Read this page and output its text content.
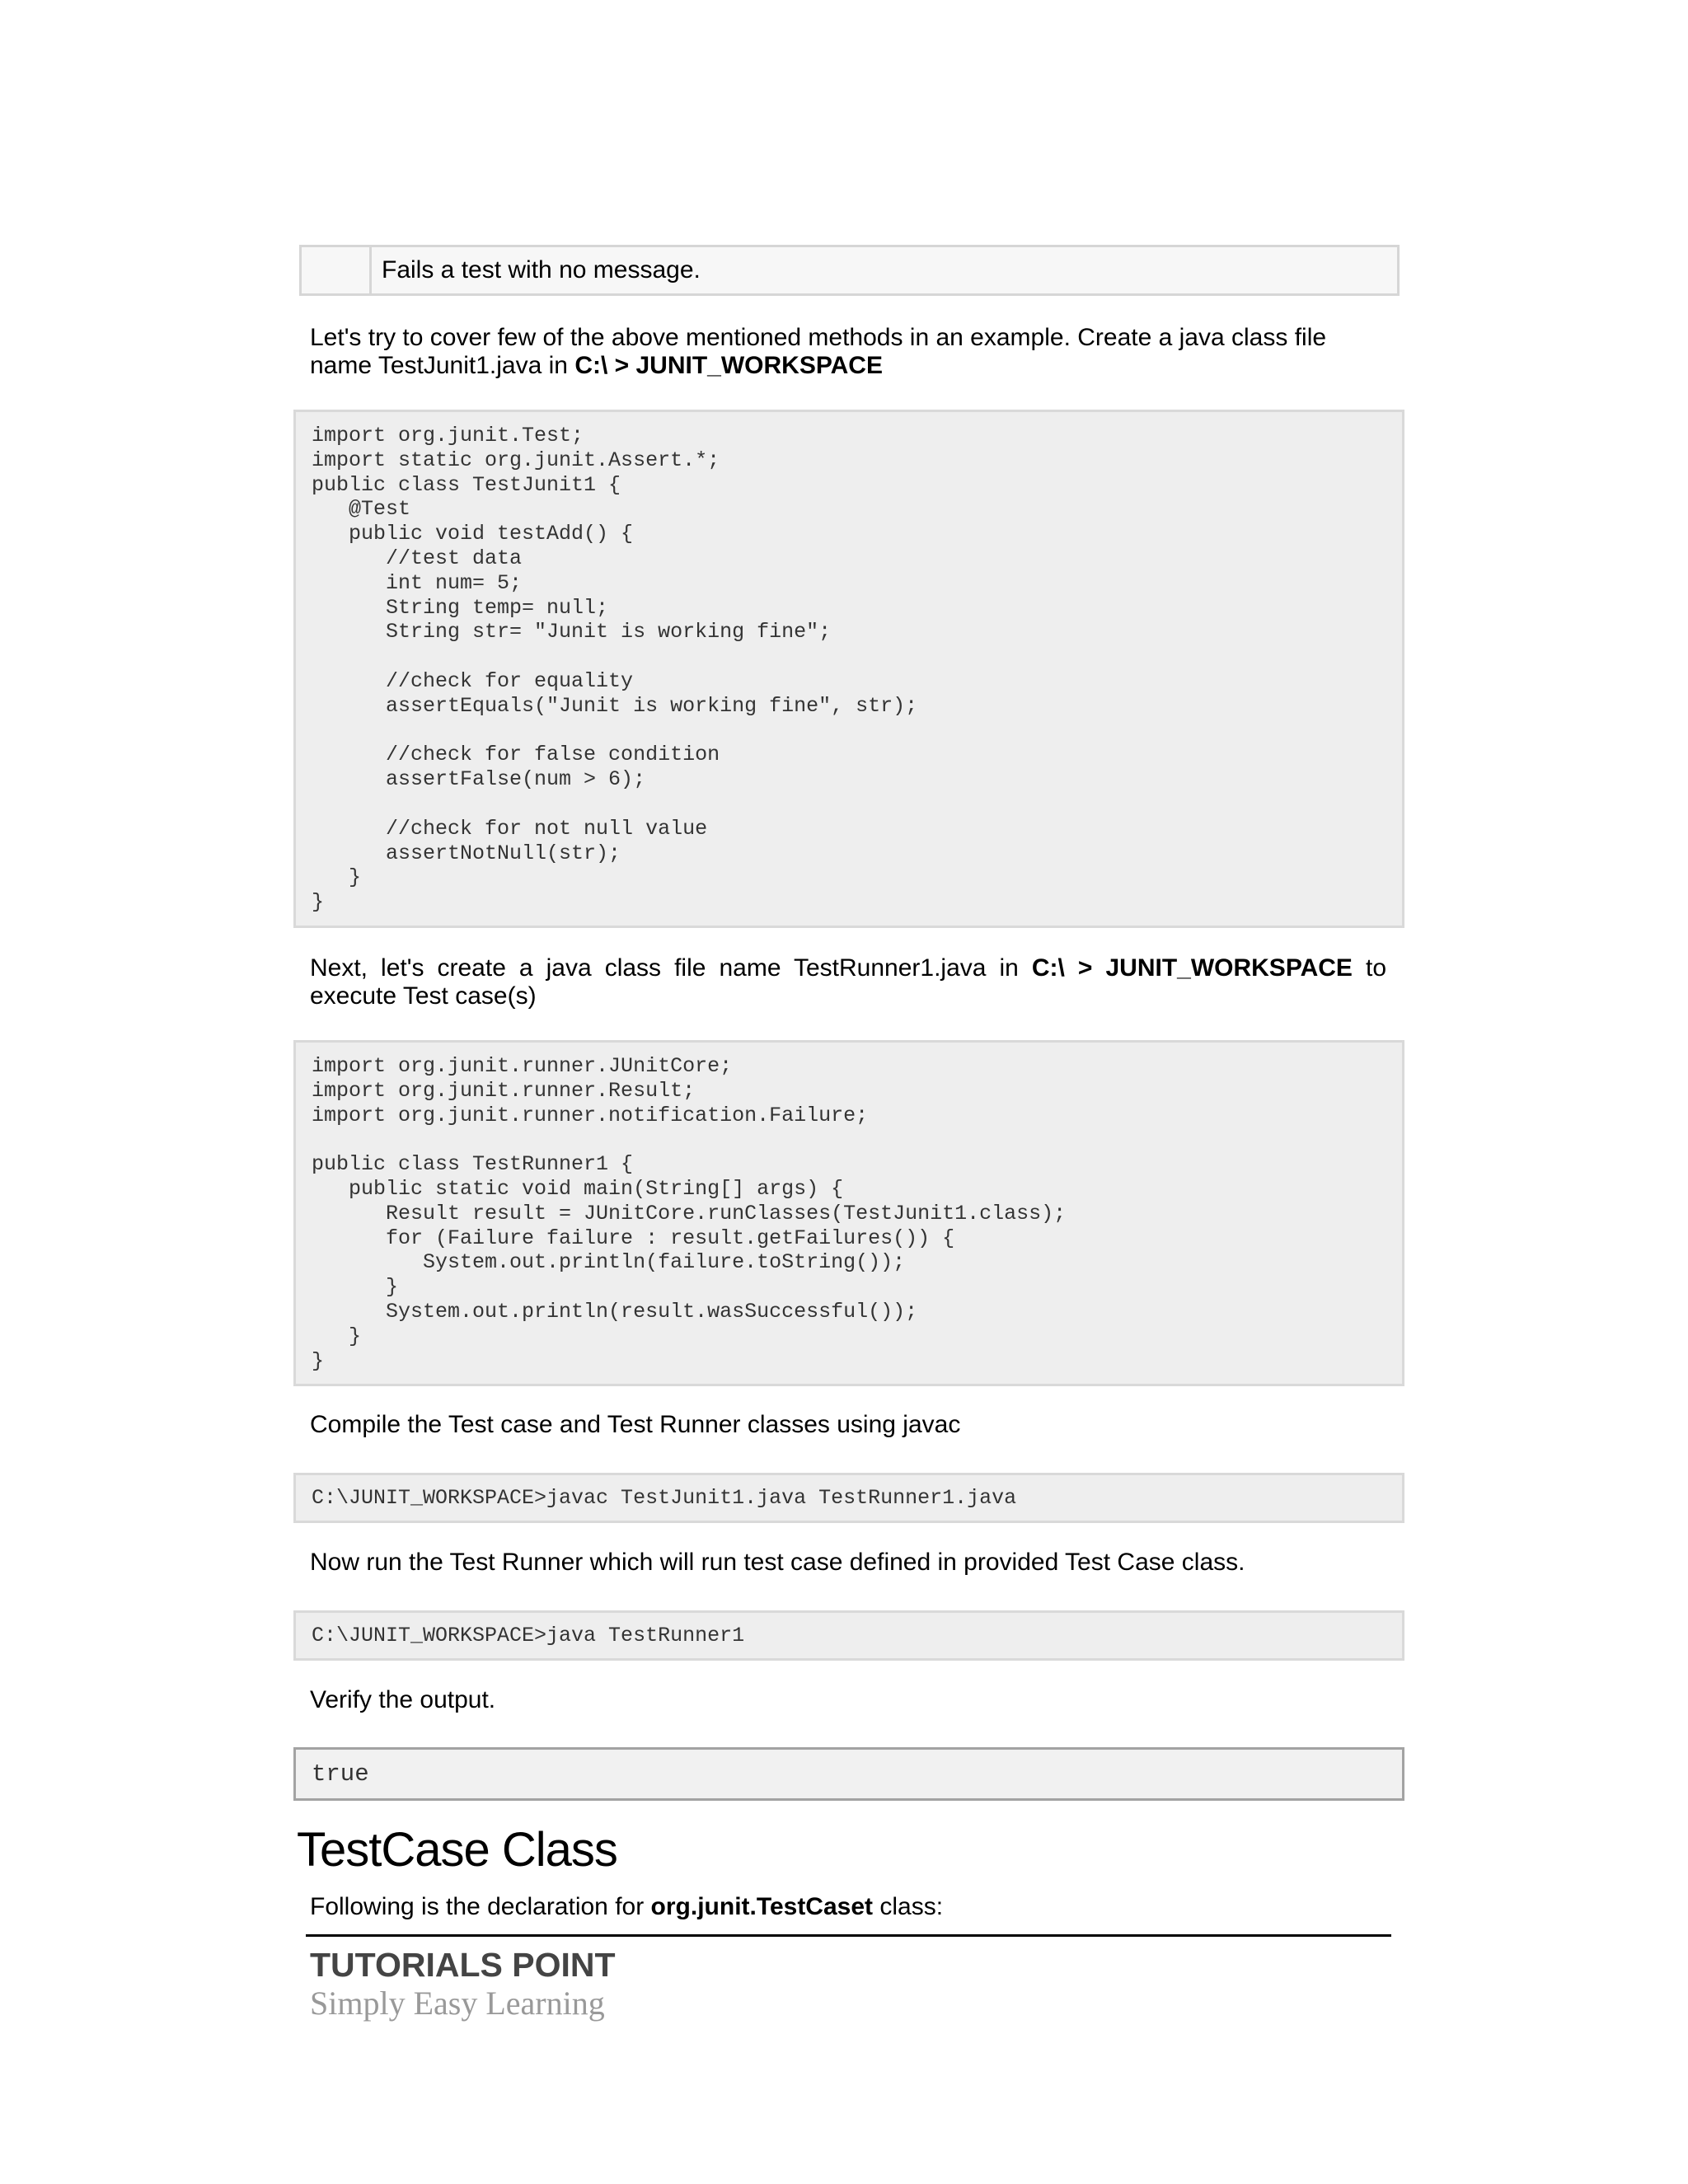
Fails a test with no message.
Let's try to cover few of the above mentioned methods in an example. Create a java class file name TestJunit1.java in C:\ > JUNIT_WORKSPACE
import org.junit.Test;
import static org.junit.Assert.*;
public class TestJunit1 {
@Test
public void testAdd() {
//test data
int num= 5;
String temp= null;
String str= "Junit is working fine";

//check for equality
assertEquals("Junit is working fine", str);

//check for false condition
assertFalse(num > 6);

//check for not null value
assertNotNull(str);
}
}
Next, let's create a java class file name TestRunner1.java in C:\ > JUNIT_WORKSPACE to execute Test case(s)
import org.junit.runner.JUnitCore;
import org.junit.runner.Result;
import org.junit.runner.notification.Failure;

public class TestRunner1 {
public static void main(String[] args) {
Result result = JUnitCore.runClasses(TestJunit1.class);
for (Failure failure : result.getFailures()) {
System.out.println(failure.toString());
}
System.out.println(result.wasSuccessful());
}
}
Compile the Test case and Test Runner classes using javac
C:\JUNIT_WORKSPACE>javac TestJunit1.java TestRunner1.java
Now run the Test Runner which will run test case defined in provided Test Case class.
C:\JUNIT_WORKSPACE>java TestRunner1
Verify the output.
true
TestCase Class
Following is the declaration for org.junit.TestCaset class:
TUTORIALS POINT
Simply Easy Learning
